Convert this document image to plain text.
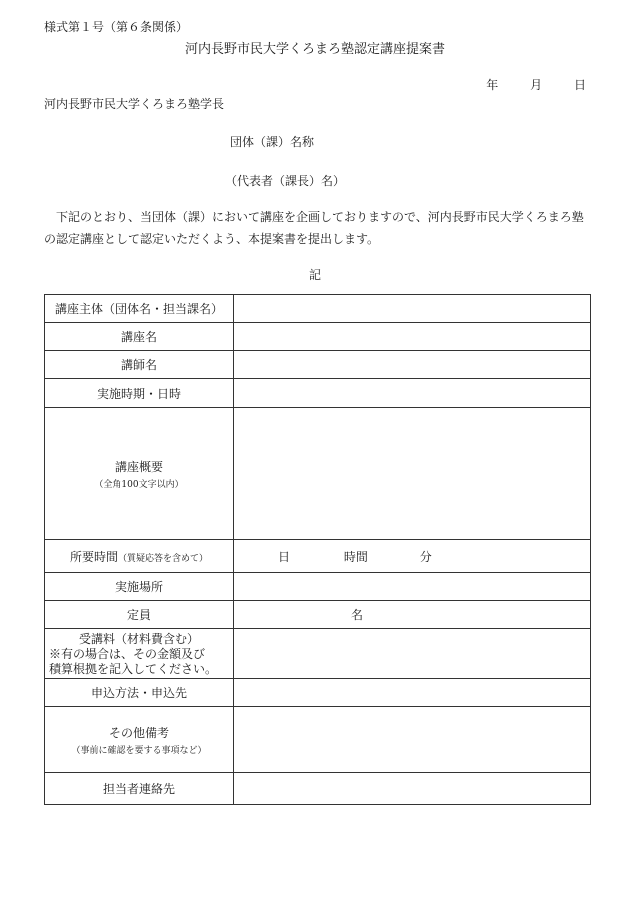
様式第１号（第６条関係）
河内長野市民大学くろまろ塾認定講座提案書
年	月	日
河内長野市民大学くろまろ塾学長
団体（課）名称
（代表者（課長）名）
下記のとおり、当団体（課）において講座を企画しておりますので、河内長野市民大学くろまろ塾の認定講座として認定いただくよう、本提案書を提出します。
記
講座主体（団体名・担当課名）	
講座名	
講師名	
実施時期・日時	

講座概要
（全角100文字以内）	

所要時間（質疑応答を含めて）	日 時間 分
実施場所	
定員	名

受講料（材料費含む）
※有の場合は、その金額及び
積算根拠を記入してください。	

申込方法・申込先	

その他備考
（事前に確認を要する事項など）	

担当者連絡先	
